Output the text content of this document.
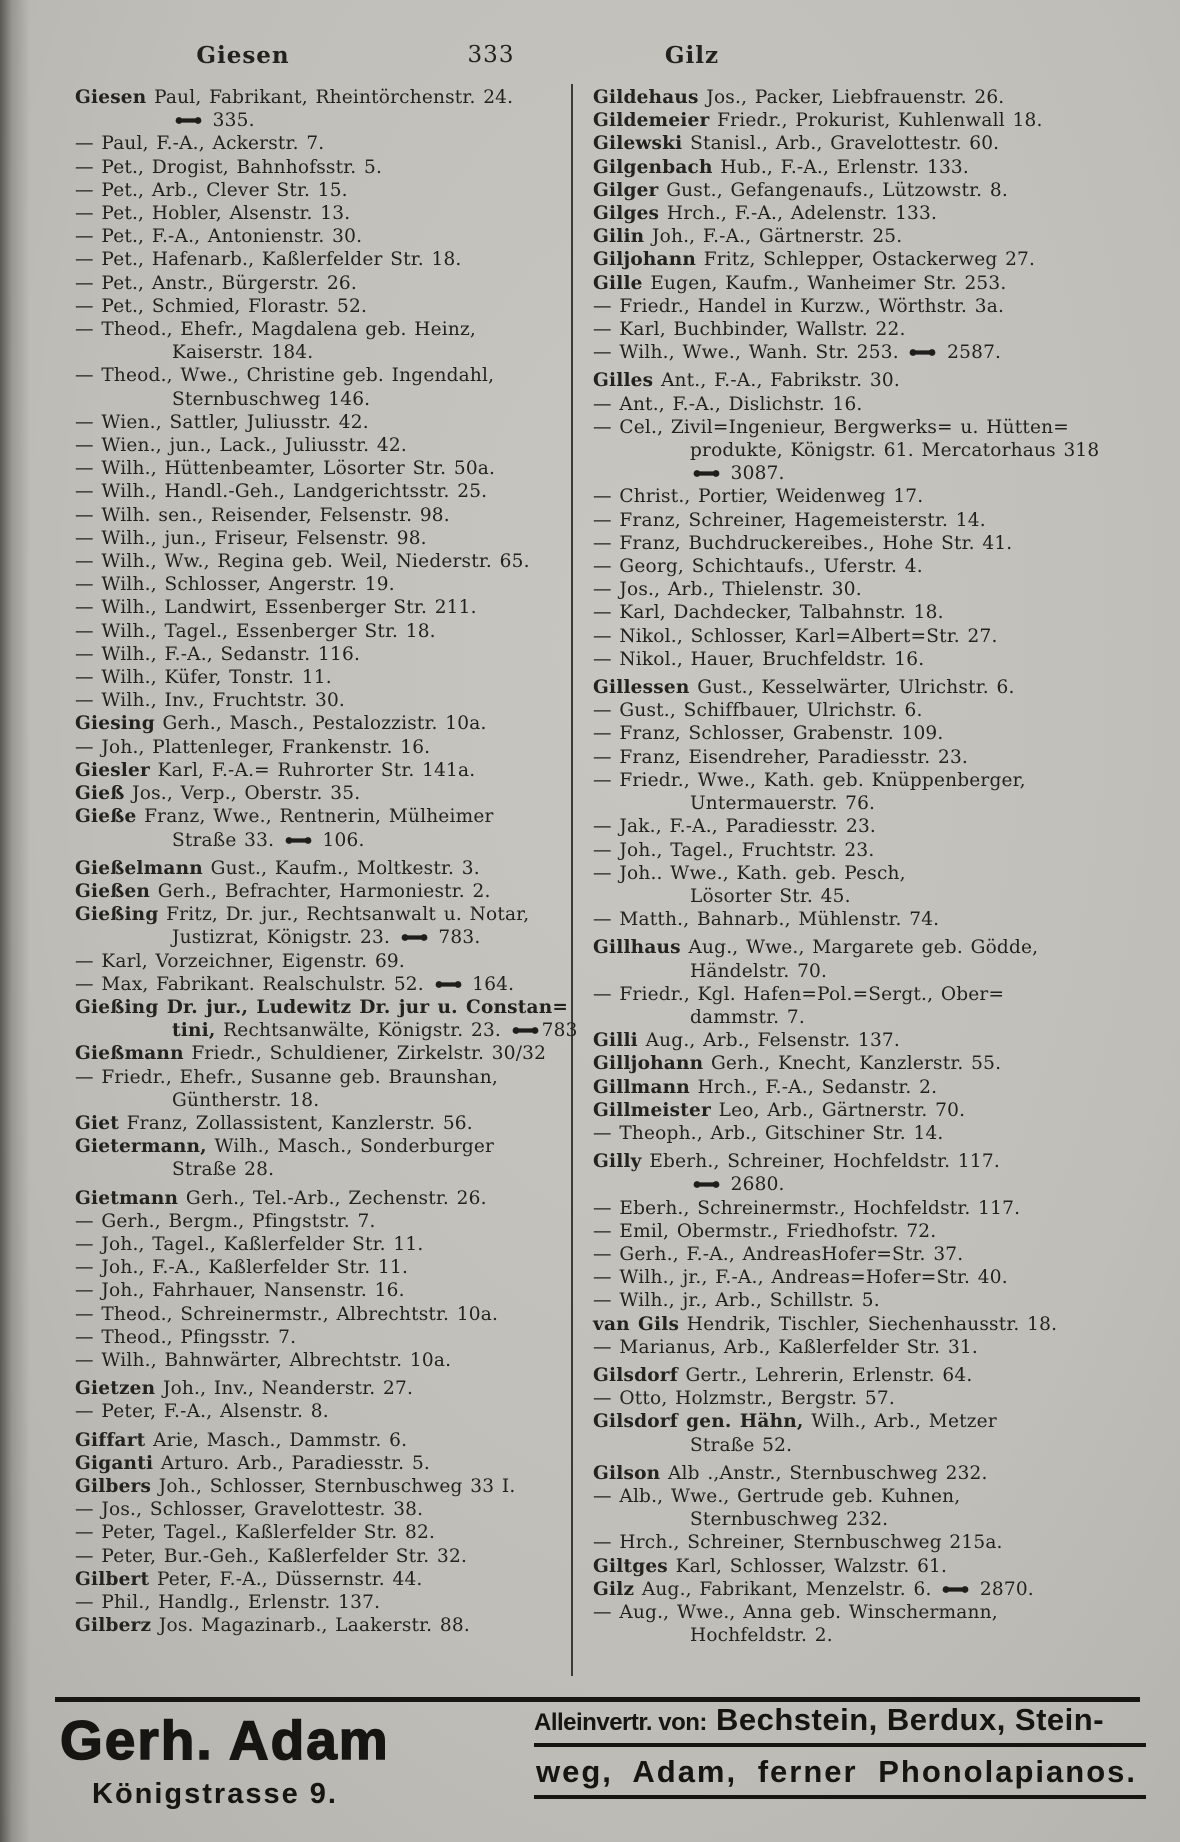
Giesen	333	Gilz
Giesen Paul, Fabrikant, Rheintörchenstr. 24.
335.
— Paul, F.-A., Ackerstr. 7.
— Pet., Drogist, Bahnhofsstr. 5.
— Pet., Arb., Clever Str. 15.
— Pet., Hobler, Alsenstr. 13.
— Pet., F.-A., Antonienstr. 30.
— Pet., Hafenarb., Kaßlerfelder Str. 18.
— Pet., Anstr., Bürgerstr. 26.
— Pet., Schmied, Florastr. 52.
— Theod., Ehefr., Magdalena geb. Heinz,
Kaiserstr. 184.
— Theod., Wwe., Christine geb. Ingendahl,
Sternbuschweg 146.
— Wien., Sattler, Juliusstr. 42.
— Wien., jun., Lack., Juliusstr. 42.
— Wilh., Hüttenbeamter, Lösorter Str. 50a.
— Wilh., Handl.-Geh., Landgerichtsstr. 25.
— Wilh. sen., Reisender, Felsenstr. 98.
— Wilh., jun., Friseur, Felsenstr. 98.
— Wilh., Ww., Regina geb. Weil, Niederstr. 65.
— Wilh., Schlosser, Angerstr. 19.
— Wilh., Landwirt, Essenberger Str. 211.
— Wilh., Tagel., Essenberger Str. 18.
— Wilh., F.-A., Sedanstr. 116.
— Wilh., Küfer, Tonstr. 11.
— Wilh., Inv., Fruchtstr. 30.
Giesing Gerh., Masch., Pestalozzistr. 10a.
— Joh., Plattenleger, Frankenstr. 16.
Giesler Karl, F.-A.= Ruhrorter Str. 141a.
Gieß Jos., Verp., Oberstr. 35.
Gieße Franz, Wwe., Rentnerin, Mülheimer
Straße 33.  106.
Gießelmann Gust., Kaufm., Moltkestr. 3.
Gießen Gerh., Befrachter, Harmoniestr. 2.
Gießing Fritz, Dr. jur., Rechtsanwalt u. Notar,
Justizrat, Königstr. 23.  783.
— Karl, Vorzeichner, Eigenstr. 69.
— Max, Fabrikant. Realschulstr. 52.  164.
Gießing Dr. jur., Ludewitz Dr. jur u. Constan=
tini, Rechtsanwälte, Königstr. 23. 783
Gießmann Friedr., Schuldiener, Zirkelstr. 30/32
— Friedr., Ehefr., Susanne geb. Braunshan,
Güntherstr. 18.
Giet Franz, Zollassistent, Kanzlerstr. 56.
Gietermann, Wilh., Masch., Sonderburger
Straße 28.
Gietmann Gerh., Tel.-Arb., Zechenstr. 26.
— Gerh., Bergm., Pfingststr. 7.
— Joh., Tagel., Kaßlerfelder Str. 11.
— Joh., F.-A., Kaßlerfelder Str. 11.
— Joh., Fahrhauer, Nansenstr. 16.
— Theod., Schreinermstr., Albrechtstr. 10a.
— Theod., Pfingsstr. 7.
— Wilh., Bahnwärter, Albrechtstr. 10a.
Gietzen Joh., Inv., Neanderstr. 27.
— Peter, F.-A., Alsenstr. 8.
Giffart Arie, Masch., Dammstr. 6.
Giganti Arturo. Arb., Paradiesstr. 5.
Gilbers Joh., Schlosser, Sternbuschweg 33 I.
— Jos., Schlosser, Gravelottestr. 38.
— Peter, Tagel., Kaßlerfelder Str. 82.
— Peter, Bur.-Geh., Kaßlerfelder Str. 32.
Gilbert Peter, F.-A., Düssernstr. 44.
— Phil., Handlg., Erlenstr. 137.
Gilberz Jos. Magazinarb., Laakerstr. 88.
Gildehaus Jos., Packer, Liebfrauenstr. 26.
Gildemeier Friedr., Prokurist, Kuhlenwall 18.
Gilewski Stanisl., Arb., Gravelottestr. 60.
Gilgenbach Hub., F.-A., Erlenstr. 133.
Gilger Gust., Gefangenaufs., Lützowstr. 8.
Gilges Hrch., F.-A., Adelenstr. 133.
Gilin Joh., F.-A., Gärtnerstr. 25.
Giljohann Fritz, Schlepper, Ostackerweg 27.
Gille Eugen, Kaufm., Wanheimer Str. 253.
— Friedr., Handel in Kurzw., Wörthstr. 3a.
— Karl, Buchbinder, Wallstr. 22.
— Wilh., Wwe., Wanh. Str. 253.  2587.
Gilles Ant., F.-A., Fabrikstr. 30.
— Ant., F.-A., Dislichstr. 16.
— Cel., Zivil=Ingenieur, Bergwerks= u. Hütten=
produkte, Königstr. 61. Mercatorhaus 318
3087.
— Christ., Portier, Weidenweg 17.
— Franz, Schreiner, Hagemeisterstr. 14.
— Franz, Buchdruckereibes., Hohe Str. 41.
— Georg, Schichtaufs., Uferstr. 4.
— Jos., Arb., Thielenstr. 30.
— Karl, Dachdecker, Talbahnstr. 18.
— Nikol., Schlosser, Karl=Albert=Str. 27.
— Nikol., Hauer, Bruchfeldstr. 16.
Gillessen Gust., Kesselwärter, Ulrichstr. 6.
— Gust., Schiffbauer, Ulrichstr. 6.
— Franz, Schlosser, Grabenstr. 109.
— Franz, Eisendreher, Paradiesstr. 23.
— Friedr., Wwe., Kath. geb. Knüppenberger,
Untermauerstr. 76.
— Jak., F.-A., Paradiesstr. 23.
— Joh., Tagel., Fruchtstr. 23.
— Joh.. Wwe., Kath. geb. Pesch,
Lösorter Str. 45.
— Matth., Bahnarb., Mühlenstr. 74.
Gillhaus Aug., Wwe., Margarete geb. Gödde,
Händelstr. 70.
— Friedr., Kgl. Hafen=Pol.=Sergt., Ober=
dammstr. 7.
Gilli Aug., Arb., Felsenstr. 137.
Gilljohann Gerh., Knecht, Kanzlerstr. 55.
Gillmann Hrch., F.-A., Sedanstr. 2.
Gillmeister Leo, Arb., Gärtnerstr. 70.
— Theoph., Arb., Gitschiner Str. 14.
Gilly Eberh., Schreiner, Hochfeldstr. 117.
2680.
— Eberh., Schreinermstr., Hochfeldstr. 117.
— Emil, Obermstr., Friedhofstr. 72.
— Gerh., F.-A., AndreasHofer=Str. 37.
— Wilh., jr., F.-A., Andreas=Hofer=Str. 40.
— Wilh., jr., Arb., Schillstr. 5.
van Gils Hendrik, Tischler, Siechenhausstr. 18.
— Marianus, Arb., Kaßlerfelder Str. 31.
Gilsdorf Gertr., Lehrerin, Erlenstr. 64.
— Otto, Holzmstr., Bergstr. 57.
Gilsdorf gen. Hähn, Wilh., Arb., Metzer
Straße 52.
Gilson Alb .,Anstr., Sternbuschweg 232.
— Alb., Wwe., Gertrude geb. Kuhnen,
Sternbuschweg 232.
— Hrch., Schreiner, Sternbuschweg 215a.
Giltges Karl, Schlosser, Walzstr. 61.
Gilz Aug., Fabrikant, Menzelstr. 6.  2870.
— Aug., Wwe., Anna geb. Winschermann,
Hochfeldstr. 2.
Gerh. Adam
Königstrasse 9.
Alleinvertr. von: Bechstein, Berdux, Stein-
weg, Adam, ferner Phonolapianos.
